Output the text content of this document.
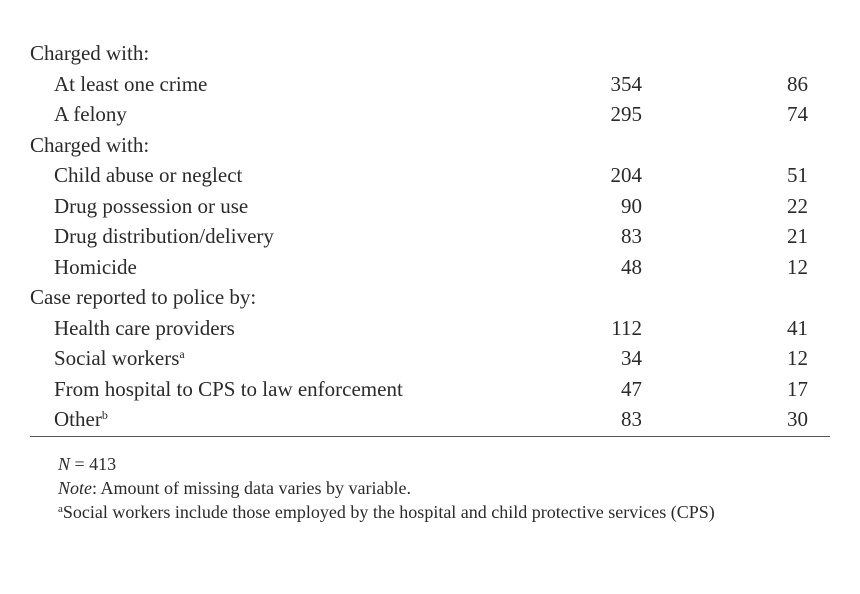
Charged with:
At least one crime	354	86
A felony	295	74
Charged with:
Child abuse or neglect	204	51
Drug possession or use	90	22
Drug distribution/delivery	83	21
Homicide	48	12
Case reported to police by:
Health care providers	112	41
Social workers$^a$	34	12
From hospital to CPS to law enforcement	47	17
Other$^b$	83	30
N = 413
Note: Amount of missing data varies by variable.
$^a$Social workers include those employed by the hospital and child protective services (CPS)
